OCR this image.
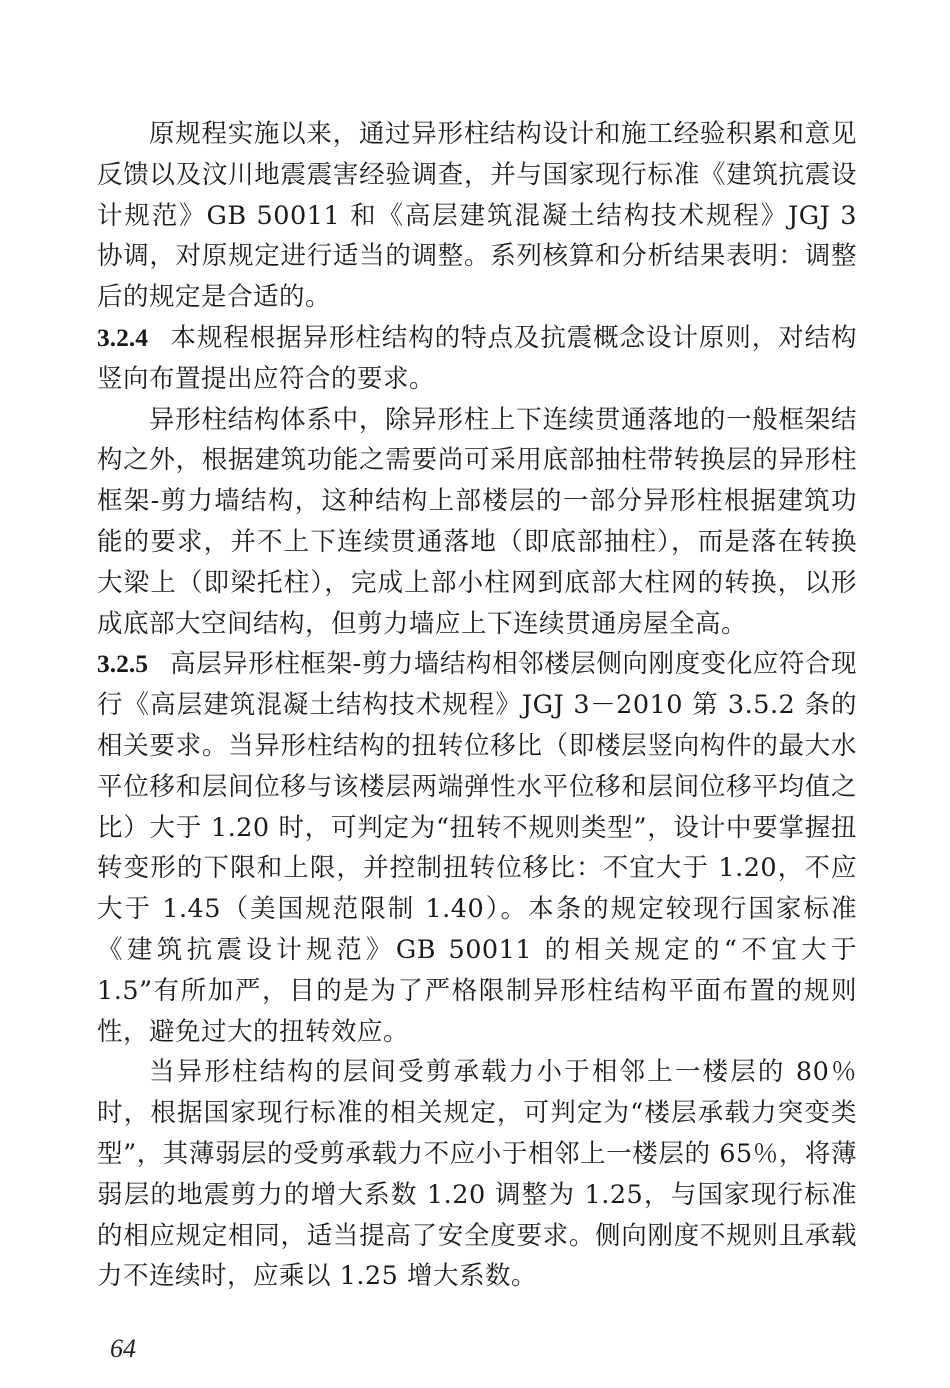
原规程实施以来，通过异形柱结构设计和施工经验积累和意见反馈以及汶川地震震害经验调查，并与国家现行标准《建筑抗震设计规范》GB 50011 和《高层建筑混凝土结构技术规程》JGJ 3 协调，对原规定进行适当的调整。系列核算和分析结果表明：调整后的规定是合适的。

3.2.4 本规程根据异形柱结构的特点及抗震概念设计原则，对结构竖向布置提出应符合的要求。

异形柱结构体系中，除异形柱上下连续贯通落地的一般框架结构之外，根据建筑功能之需要尚可采用底部抽柱带转换层的异形柱框架-剪力墙结构，这种结构上部楼层的一部分异形柱根据建筑功能的要求，并不上下连续贯通落地（即底部抽柱），而是落在转换大梁上（即梁托柱），完成上部小柱网到底部大柱网的转换，以形成底部大空间结构，但剪力墙应上下连续贯通房屋全高。

3.2.5 高层异形柱框架-剪力墙结构相邻楼层侧向刚度变化应符合现行《高层建筑混凝土结构技术规程》JGJ 3－2010 第 3.5.2 条的相关要求。当异形柱结构的扭转位移比（即楼层竖向构件的最大水平位移和层间位移与该楼层两端弹性水平位移和层间位移平均值之比）大于 1.20 时，可判定为“扭转不规则类型”，设计中要掌握扭转变形的下限和上限，并控制扭转位移比：不宜大于 1.20，不应大于 1.45（美国规范限制 1.40）。本条的规定较现行国家标准《建筑抗震设计规范》GB 50011 的相关规定的“不宜大于 1.5”有所加严，目的是为了严格限制异形柱结构平面布置的规则性，避免过大的扭转效应。

当异形柱结构的层间受剪承载力小于相邻上一楼层的 80％时，根据国家现行标准的相关规定，可判定为“楼层承载力突变类型”，其薄弱层的受剪承载力不应小于相邻上一楼层的 65％，将薄弱层的地震剪力的增大系数 1.20 调整为 1.25，与国家现行标准的相应规定相同，适当提高了安全度要求。侧向刚度不规则且承载力不连续时，应乘以 1.25 增大系数。

64
